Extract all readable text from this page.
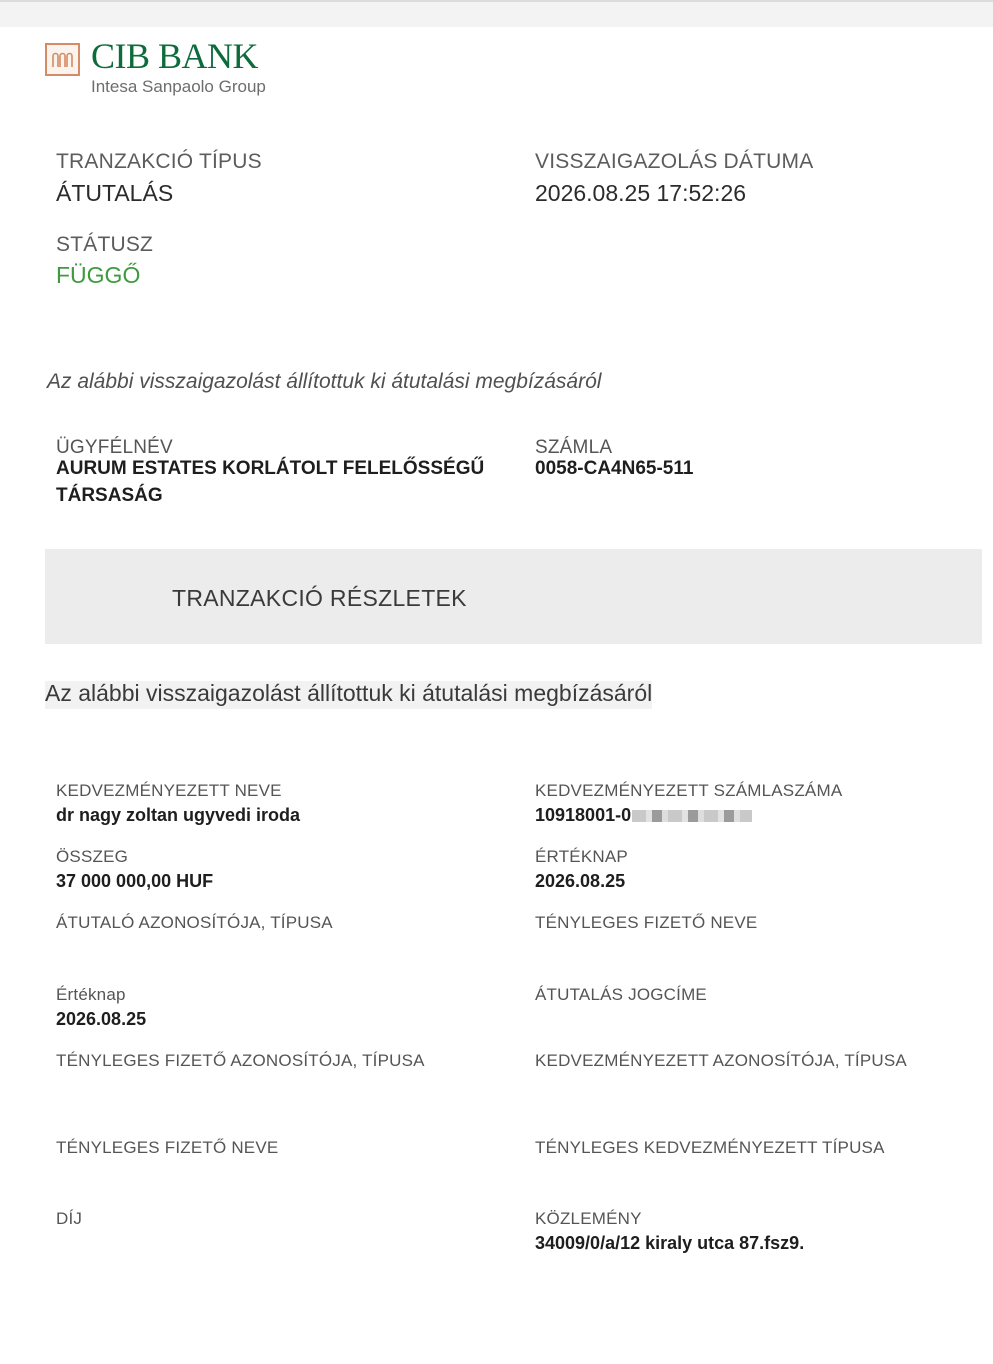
CIB BANK
Intesa Sanpaolo Group
TRANZAKCIÓ TÍPUS
ÁTUTALÁS
VISSZAIGAZOLÁS DÁTUMA
2026.08.25 17:52:26
STÁTUSZ
FÜGGŐ
Az alábbi visszaigazolást állítottuk ki átutalási megbízásáról
ÜGYFÉLNÉV
AURUM ESTATES KORLÁTOLT FELELŐSSÉGŰ
TÁRSASÁG
SZÁMLA
0058-CA4N65-511
TRANZAKCIÓ RÉSZLETEK
Az alábbi visszaigazolást állítottuk ki átutalási megbízásáról
KEDVEZMÉNYEZETT NEVE
dr nagy zoltan ugyvedi iroda
ÖSSZEG
37 000 000,00 HUF
ÁTUTALÓ AZONOSÍTÓJA, TÍPUSA
Értéknap
2026.08.25
TÉNYLEGES FIZETŐ AZONOSÍTÓJA, TÍPUSA
TÉNYLEGES FIZETŐ NEVE
DÍJ
KEDVEZMÉNYEZETT SZÁMLASZÁMA
10918001-0
ÉRTÉKNAP
2026.08.25
TÉNYLEGES FIZETŐ NEVE
ÁTUTALÁS JOGCÍME
KEDVEZMÉNYEZETT AZONOSÍTÓJA, TÍPUSA
TÉNYLEGES KEDVEZMÉNYEZETT TÍPUSA
KÖZLEMÉNY
34009/0/a/12 kiraly utca 87.fsz9.
